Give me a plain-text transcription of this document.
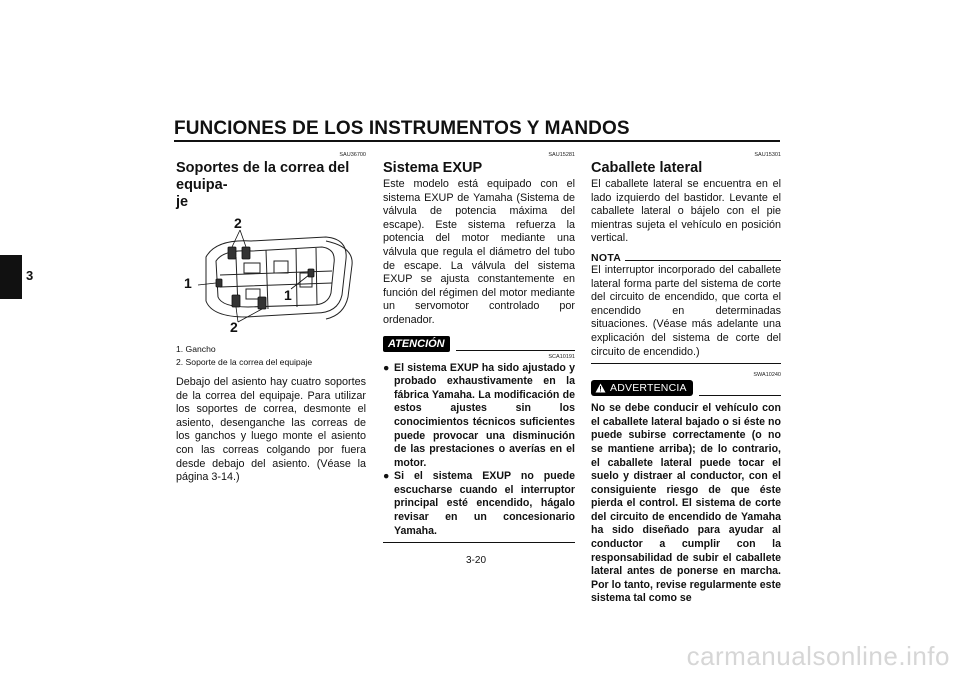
FUNCIONES DE LOS INSTRUMENTOS Y MANDOS
3
SAU36700
Soportes de la correa del equipa-
je
2
1
1
2
1. Gancho
2. Soporte de la correa del equipaje
Debajo del asiento hay cuatro soportes de la correa del equipaje. Para utilizar los soportes de correa, desmonte el asiento, desenganche las correas de los ganchos y luego monte el asiento con las correas colgando por fuera desde debajo del asiento. (Véase la página 3-14.)
SAU15281
Sistema EXUP
Este modelo está equipado con el sistema EXUP de Yamaha (Sistema de válvula de potencia máxima del escape). Este sistema refuerza la potencia del motor mediante una válvula que regula el diámetro del tubo de escape. La válvula del sistema EXUP se ajusta constantemente en función del régimen del motor mediante un servomotor controlado por ordenador.
ATENCIÓN
SCA10191
● El sistema EXUP ha sido ajustado y probado exhaustivamente en la fábrica Yamaha. La modificación de estos ajustes sin los conocimientos técnicos suficientes puede provocar una disminución de las prestaciones o averías en el motor.
● Si el sistema EXUP no puede escucharse cuando el interruptor principal esté encendido, hágalo revisar en un concesionario Yamaha.
SAU15301
Caballete lateral
El caballete lateral se encuentra en el lado izquierdo del bastidor. Levante el caballete lateral o bájelo con el pie mientras sujeta el vehículo en posición vertical.
NOTA
El interruptor incorporado del caballete lateral forma parte del sistema de corte del circuito de encendido, que corta el encendido en determinadas situaciones. (Véase más adelante una explicación del sistema de corte del circuito de encendido.)
SWA10240
ADVERTENCIA
No se debe conducir el vehículo con el caballete lateral bajado o si éste no puede subirse correctamente (o no se mantiene arriba); de lo contrario, el caballete lateral puede tocar el suelo y distraer al conductor, con el consiguiente riesgo de que éste pierda el control. El sistema de corte del circuito de encendido de Yamaha ha sido diseñado para ayudar al conductor a cumplir con la responsabilidad de subir el caballete lateral antes de ponerse en marcha. Por lo tanto, revise regularmente este sistema tal como se
3-20
carmanualsonline.info
